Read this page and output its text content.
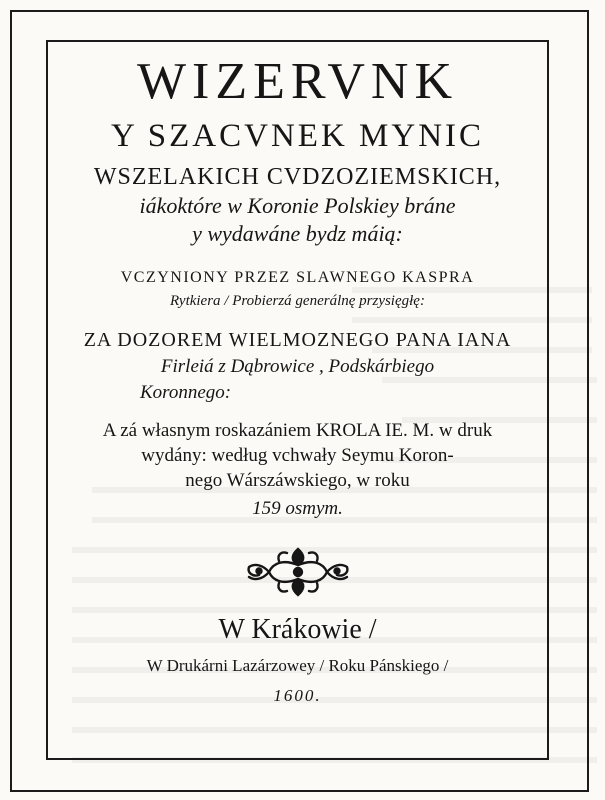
WIZERVNK
Y SZACVNEK MYNIC
WSZELAKICH CVDZOZIEMSKICH,
iákoktóre w Koronie Polskiey bráne
y wydawáne bydz máią:
VCZYNIONY PRZEZ SLAWNEGO KASPRA
Rytkiera / Probierzá generálnę przysięgłę:
ZA DOZOREM WIELMOZNEGO PANA IANA
Firleiá z Dąbrowice , Podskárbiego
Koronnego:
A zá własnym roskazániem KROLA IE. M. w druk
wydány: według vchwały Seymu Koron-
nego Wárszáwskiego, w roku
159 osmym.
W Krákowie /
W Drukárni Lazárzowey / Roku Pánskiego /
1600.
